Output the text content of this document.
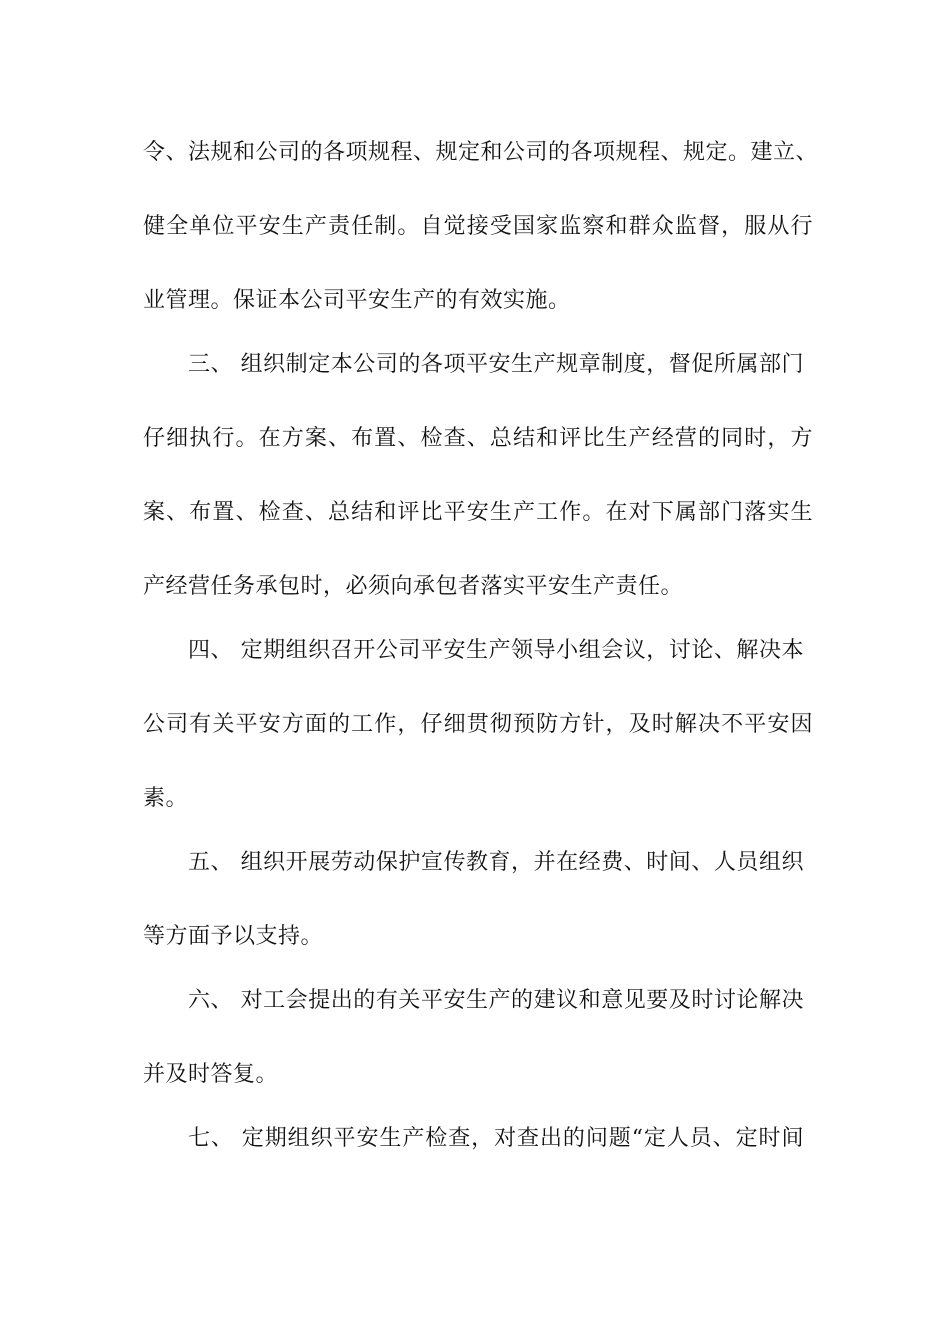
令、法规和公司的各项规程、规定和公司的各项规程、规定。建立、
健全单位平安生产责任制。自觉接受国家监察和群众监督，服从行
业管理。保证本公司平安生产的有效实施。
三、 组织制定本公司的各项平安生产规章制度，督促所属部门
仔细执行。在方案、布置、检查、总结和评比生产经营的同时，方
案、布置、检查、总结和评比平安生产工作。在对下属部门落实生
产经营任务承包时，必须向承包者落实平安生产责任。
四、 定期组织召开公司平安生产领导小组会议，讨论、解决本
公司有关平安方面的工作，仔细贯彻预防方针，及时解决不平安因
素。
五、 组织开展劳动保护宣传教育，并在经费、时间、人员组织
等方面予以支持。
六、 对工会提出的有关平安生产的建议和意见要及时讨论解决
并及时答复。
七、 定期组织平安生产检查，对查出的问题“定人员、定时间
